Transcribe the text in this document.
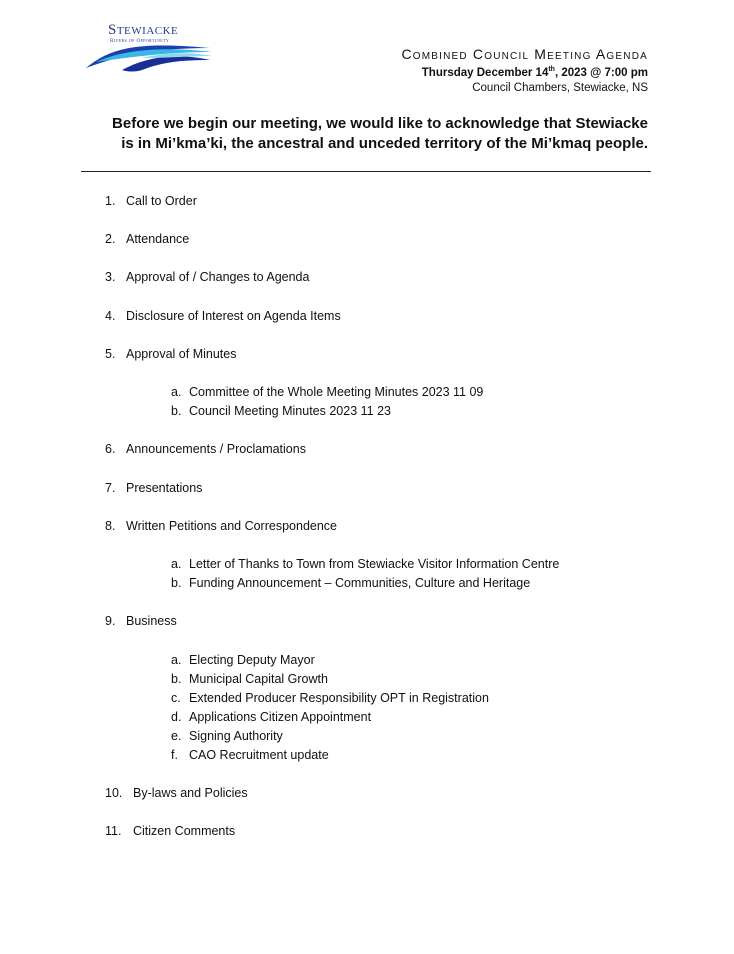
Stewiacke
Rivers of Opportunity
Combined Council Meeting Agenda
Thursday December 14th, 2023 @ 7:00 pm
Council Chambers, Stewiacke, NS
Before we begin our meeting, we would like to acknowledge that Stewiacke
is in Mi’kma’ki, the ancestral and unceded territory of the Mi’kmaq people.
1. Call to Order
2. Attendance
3. Approval of / Changes to Agenda
4. Disclosure of Interest on Agenda Items
5. Approval of Minutes
a. Committee of the Whole Meeting Minutes 2023 11 09
b. Council Meeting Minutes 2023 11 23
6. Announcements / Proclamations
7. Presentations
8. Written Petitions and Correspondence
a. Letter of Thanks to Town from Stewiacke Visitor Information Centre
b. Funding Announcement – Communities, Culture and Heritage
9. Business
a. Electing Deputy Mayor
b. Municipal Capital Growth
c. Extended Producer Responsibility OPT in Registration
d. Applications Citizen Appointment
e. Signing Authority
f. CAO Recruitment update
10. By-laws and Policies
11. Citizen Comments
